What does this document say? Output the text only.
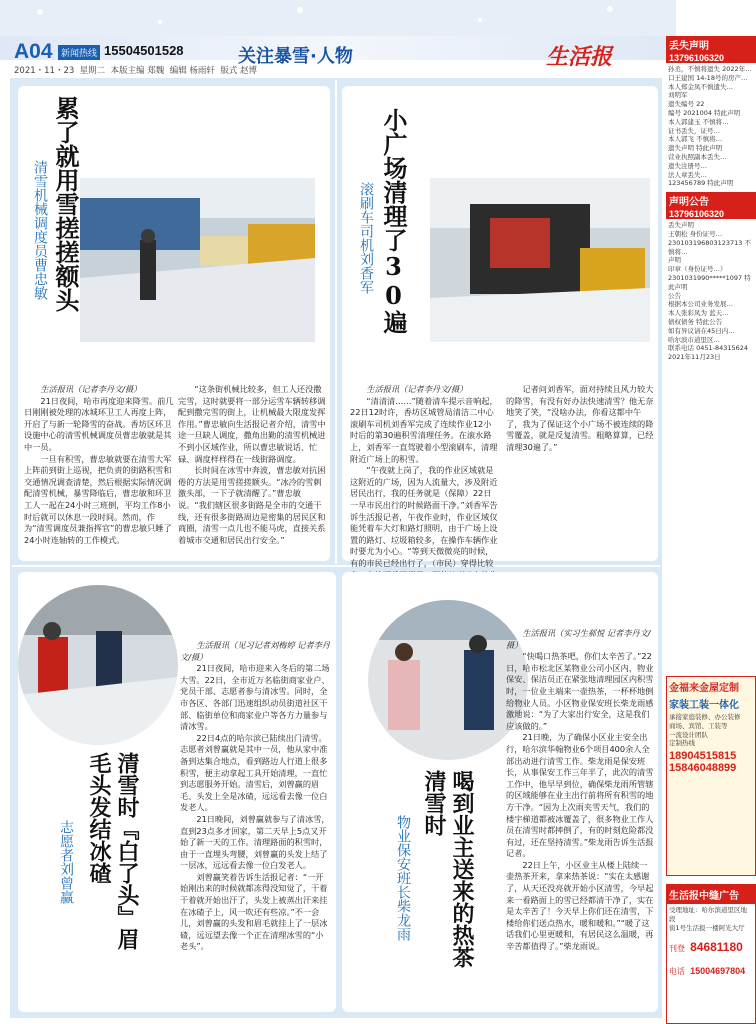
A04 新闻热线 15504501528	关注暴雪·人物	生活报
2021・11・23 星期二 本版主编 郑魏 编辑 杨雨轩 版式 赵博
累了就用雪搓搓额头
清雪机械调度员曹忠敏

生活报讯（记者李丹文/摄）

21日夜间，哈市再度迎来降雪。前几日刚刚被处理的冰城环卫工人再度上阵，开启了与新一轮降雪的奋战。香坊区环卫设施中心的清雪机械调度员曹忠敏就是其中一员。

一旦有积雪，曹忠敏就要在清雪大军上阵前到街上巡视，把负责的街路积雪和交通情况调查清楚，然后根据实际情况调配清雪机械，暴雪降临后，曹忠敏和环卫工人一起在24小时三班倒，平均工作8小时后就可以休息一段时间。然而，作为“清雪调度员兼指挥官”的曹忠敏只睡了24小时连轴转的工作模式。

“这条街机械比较多，但工人还没撒完雪，这时就要将一部分运雪车辆转移调配到撒完雪的街上，让机械最大限度发挥作用。”曹忠敏向生活报记者介绍，清雪中途一旦缺人调度，撒角出勤的清雪机械进不到小区域作业，所以曹忠敏说话、忙碌、调度样样得在一线街路调度。

长时间在冰雪中奔波，曹忠敏对抗困倦的方法是用雪搓搓额头。“冰冷的雪刺激头部，一下子就清醒了。”曹忠敏说。“我们辖区很多街路是全市的交通干线，还有很多街路周边是密集的居民区和商圈，清雪一点儿也不能马虎，直接关系着城市交通和居民出行安全。”

小广场清理了30遍
滚刷车司机刘香军

生活报讯（记者李丹文/摄）

“清清清……”随着清车提示音响起，22日12时许，香坊区城管局清洁二中心滚刷车司机刘香军完成了连续作业12小时后的第30遍积雪清理任务。在滚水路上，刘香军一直驾驶着小型滚刷车，清理附近广场上的积雪。

“午夜就上岗了，我的作业区域就是这附近的广场，因为人流量大，涉及附近居民出行，我的任务就是（保障）22日一早市民出行的时候路面干净。”刘香军告诉生活报记者，午夜作业时，作业区域仅能凭着车大灯和路灯照明，由于广场上设置的路灯、垃圾箱较多，在操作车辆作业时要尤为小心。“等到天微微亮的时候，有的市民已经出行了，（市民）穿得比较

记者问刘香军，面对持续且风力较大的降雪，有没有好办法快速清雪？他无奈地笑了笑，“没啥办法，你看这都中午了，我为了保证这个小广场不被连续的降雪覆盖，就是反复清雪。粗略算算，已经清理30遍了。”

清雪时『白了头』眉毛头发结冰碴
志愿者刘曾赢

生活报讯（见习记者刘梅婷 记者李丹文/摄）

21日夜间，哈市迎来入冬后的第二场大雪。22日，全市近万名临街商家业户、党员干部、志愿者参与清冰雪。同时，全市各区、各部门迅速组织动员街道社区干部、临街单位和商家业户等各方力量参与清冰雪。

22日4点的哈尔滨已陆续出门清雪。志愿者刘曾赢就是其中一员，他从家中准备到达集合地点，看到路边人行道上很多积雪，便主动拿起工具开始清理，一直忙到志愿服务开始。清雪后，刘曾赢的眉毛、头发上全是冰碴，远远看去像一位白发老人。

21日晚间，刘曾赢就参与了清冰雪，直到23点多才回家，第二天早上5点又开始了新一天的工作。清理路面的积雪时，由于一直埋头弯腰，刘曾赢的头发上结了一层冰，远远看去像一位白发老人。

刘曾赢笑着告诉生活报记者：“一开始刚出来的时候就都冻得没知觉了，干着干着就开始出汗了，头发上被蒸出汗来挂在冰碴子上，风一吹还有些凉。”不一会儿，刘曾赢的头发和眉毛就挂上了一层冰碴，远远望去像一个正在清理冰雪的“小老头”。	喝到业主送来的热茶 清雪时
物业保安班长柴龙雨

生活报讯（实习生郝悦 记者李丹文/摄）

“快喝口热茶吧，你们太辛苦了。”22日，哈市松北区某物业公司小区内，物业保安、保洁员正在紧张地清理园区内积雪时，一位业主端来一壶热茶，一杯杯地倒给物业人员。小区物业保安班长柴龙雨感激地说：“为了大家出行安全，这是我们应该做的。”

21日晚，为了确保小区业主安全出行，哈尔滨华翰物业6个项目400余人全部出动进行清雪工作。柴龙雨是保安班长，从事保安工作三年半了，此次的清雪工作中，他早早到位，确保柴龙雨所管辖的区域能够在业主出行前将所有积雪的地方干净。“因为上次雨夹雪天气，我们的楼宇梯道都被冰覆盖了，很多物业工作人员在清雪时都摔倒了，有的时刻危险都没有过，还在坚持清雪。”柴龙雨告诉生活报记者。

22日上午，小区业主从楼上陆续一壶热茶开来，拿来热茶说：“实在太感谢了，从天还没亮就开始小区清雪，今早起来一看路面上的雪已经都清干净了，实在是太辛苦了！今天早上你们还在清雪，下楼给你们送点热水，暖和暖和。”“暖了这话我们心里更暖和，有居民这么温暖，再辛苦都值得了。”柴龙雨说。

丢失声明
13796106320
孙丞，不慎将遗失 2022年…
口王建国 14-18号的房产…
本人郑金凤不慎遗失…
刘明军
遗失编号 22
编号 2021004 特此声明
本人郭建玉 不慎将…
证书丢失，证号…
本人郭飞 不慎将…
遗失声明 特此声明
营业执照副本丢失…
遗失注册号…
法人章丢失…
123456789 特此声明
声明公告
13796106320
丢失声明
王朝松 身份证号…
230103196803123713 不慎将…
声明
印章（身份证号…）
2301031990*****1097 特此声明
公告
根据本公司业务发展…
本人张彩凤为 蓝天…
债权债务 特此公告
如有异议请在45日内…
哈尔滨市道里区…
联系电话 0451-84315624
2021年11月23日
金福来金屋定制
家装工装一体化
承接家庭装修、办公装修
商场、宾馆、工装等
一流设计团队
定制热线
18904515815
15846048899
生活报中缝广告
受理地址：哈尔滨道里区地段
街1号生活报一楼阿光大厅
刊登 84681180
电话 15004697804
